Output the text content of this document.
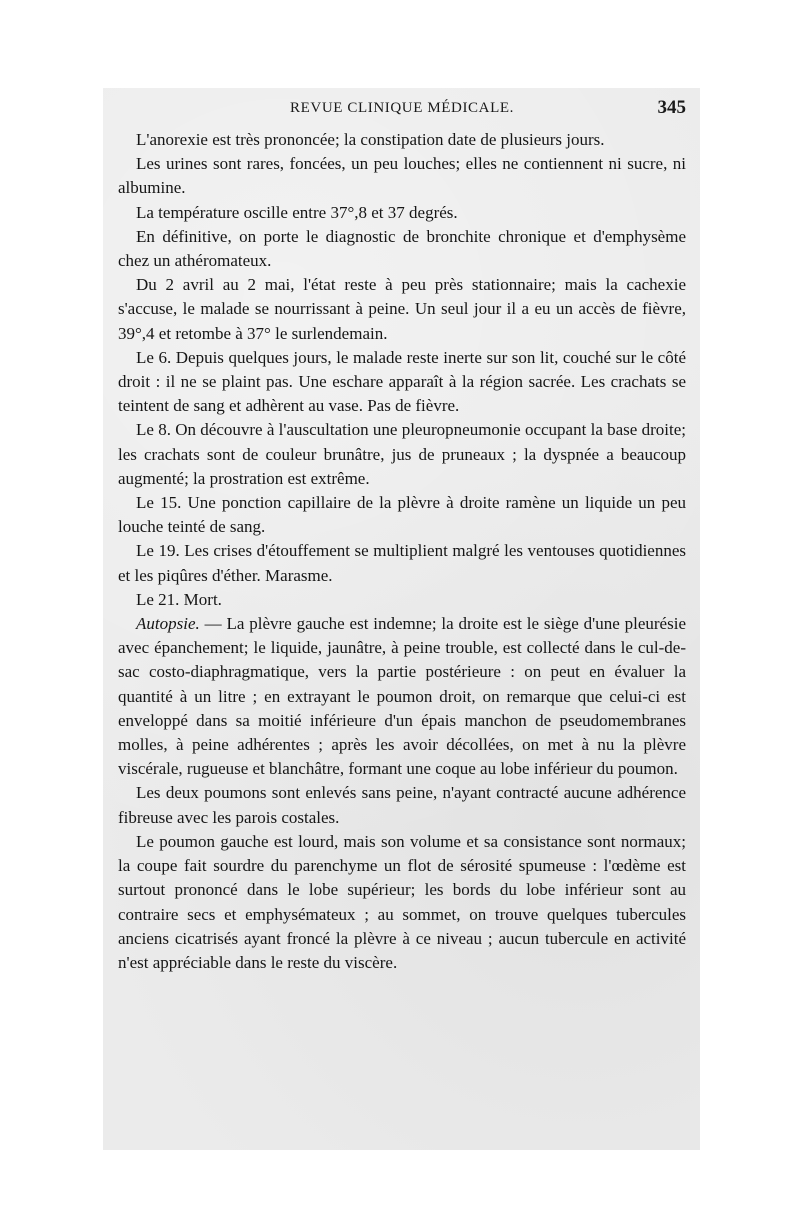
REVUE CLINIQUE MÉDICALE.	345

L'anorexie est très prononcée; la constipation date de plusieurs jours.

Les urines sont rares, foncées, un peu louches; elles ne contiennent ni sucre, ni albumine.

La température oscille entre 37°,8 et 37 degrés.

En définitive, on porte le diagnostic de bronchite chronique et d'emphysème chez un athéromateux.

Du 2 avril au 2 mai, l'état reste à peu près stationnaire; mais la cachexie s'accuse, le malade se nourrissant à peine. Un seul jour il a eu un accès de fièvre, 39°,4 et retombe à 37° le surlendemain.

Le 6. Depuis quelques jours, le malade reste inerte sur son lit, couché sur le côté droit : il ne se plaint pas. Une eschare apparaît à la région sacrée. Les crachats se teintent de sang et adhèrent au vase. Pas de fièvre.

Le 8. On découvre à l'auscultation une pleuropneumonie occupant la base droite; les crachats sont de couleur brunâtre, jus de pruneaux ; la dyspnée a beaucoup augmenté; la prostration est extrême.

Le 15. Une ponction capillaire de la plèvre à droite ramène un liquide un peu louche teinté de sang.

Le 19. Les crises d'étouffement se multiplient malgré les ventouses quotidiennes et les piqûres d'éther. Marasme.

Le 21. Mort.

Autopsie. — La plèvre gauche est indemne; la droite est le siège d'une pleurésie avec épanchement; le liquide, jaunâtre, à peine trouble, est collecté dans le cul-de-sac costo-diaphragmatique, vers la partie postérieure : on peut en évaluer la quantité à un litre ; en extrayant le poumon droit, on remarque que celui-ci est enveloppé dans sa moitié inférieure d'un épais manchon de pseudomembranes molles, à peine adhérentes ; après les avoir décollées, on met à nu la plèvre viscérale, rugueuse et blanchâtre, formant une coque au lobe inférieur du poumon.

Les deux poumons sont enlevés sans peine, n'ayant contracté aucune adhérence fibreuse avec les parois costales.

Le poumon gauche est lourd, mais son volume et sa consistance sont normaux; la coupe fait sourdre du parenchyme un flot de sérosité spumeuse : l'œdème est surtout prononcé dans le lobe supérieur; les bords du lobe inférieur sont au contraire secs et emphysémateux ; au sommet, on trouve quelques tubercules anciens cicatrisés ayant froncé la plèvre à ce niveau ; aucun tubercule en activité n'est appréciable dans le reste du viscère.
